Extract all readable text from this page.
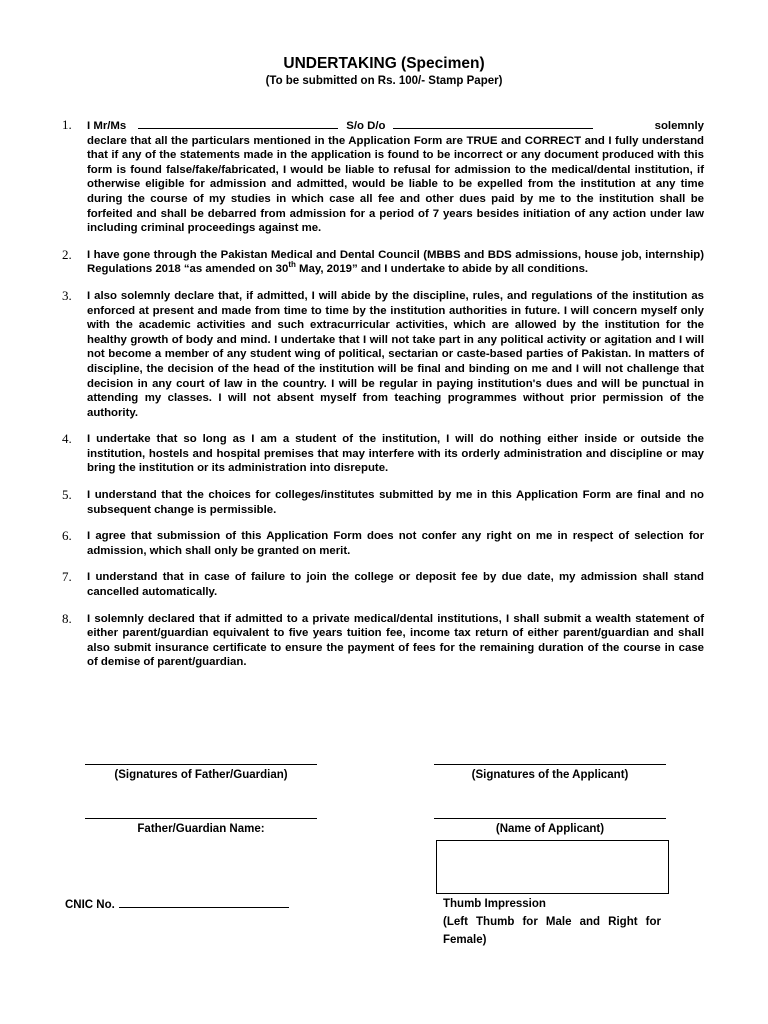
UNDERTAKING (Specimen)
(To be submitted on Rs. 100/- Stamp Paper)
1. I Mr/Ms	S/o D/o	solemnly
declare that all the particulars mentioned in the Application Form are TRUE and CORRECT and I fully understand that if any of the statements made in the application is found to be incorrect or any document produced with this form is found false/fake/fabricated, I would be liable to refusal for admission to the medical/dental institution, if otherwise eligible for admission and admitted, would be liable to be expelled from the institution at any time during the course of my studies in which case all fee and other dues paid by me to the institution shall be forfeited and shall be debarred from admission for a period of 7 years besides initiation of any action under law including criminal proceedings against me.
2. I have gone through the Pakistan Medical and Dental Council (MBBS and BDS admissions, house job, internship) Regulations 2018 “as amended on 30th May, 2019” and I undertake to abide by all conditions.
3. I also solemnly declare that, if admitted, I will abide by the discipline, rules, and regulations of the institution as enforced at present and made from time to time by the institution authorities in future. I will concern myself only with the academic activities and such extracurricular activities, which are allowed by the institution for the healthy growth of body and mind. I undertake that I will not take part in any political activity or agitation and I will not become a member of any student wing of political, sectarian or caste-based parties of Pakistan. In matters of discipline, the decision of the head of the institution will be final and binding on me and I will not challenge that decision in any court of law in the country. I will be regular in paying institution's dues and will be punctual in attending my classes. I will not absent myself from teaching programmes without prior permission of the authority.
4. I undertake that so long as I am a student of the institution, I will do nothing either inside or outside the institution, hostels and hospital premises that may interfere with its orderly administration and discipline or may bring the institution or its administration into disrepute.
5. I understand that the choices for colleges/institutes submitted by me in this Application Form are final and no subsequent change is permissible.
6. I agree that submission of this Application Form does not confer any right on me in respect of selection for admission, which shall only be granted on merit.
7. I understand that in case of failure to join the college or deposit fee by due date, my admission shall stand cancelled automatically.
8. I solemnly declared that if admitted to a private medical/dental institutions, I shall submit a wealth statement of either parent/guardian equivalent to five years tuition fee, income tax return of either parent/guardian and shall also submit insurance certificate to ensure the payment of fees for the remaining duration of the course in case of demise of parent/guardian.
(Signatures of Father/Guardian)	(Signatures of the Applicant)
Father/Guardian Name:	(Name of Applicant)
CNIC No.	Thumb Impression
(Left Thumb for Male and Right for Female)
